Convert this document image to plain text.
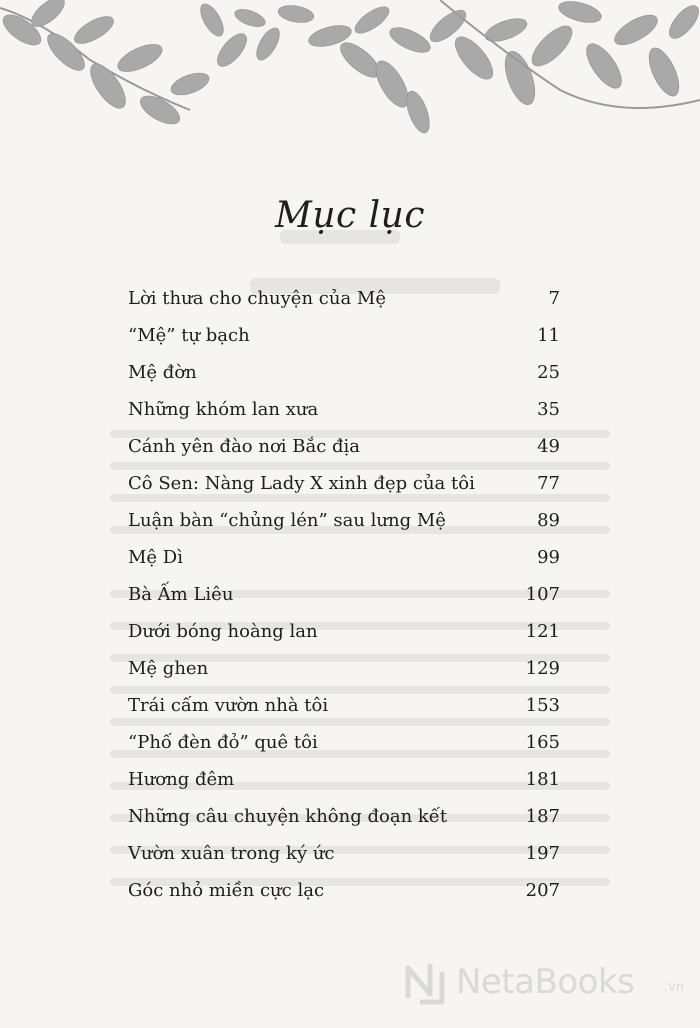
Mục lục
Lời thưa cho chuyện của Mệ	7
“Mệ” tự bạch	11
Mệ đờn	25
Những khóm lan xưa	35
Cánh yên đào nơi Bắc địa	49
Cô Sen: Nàng Lady X xinh đẹp của tôi	77
Luận bàn “chủng lén” sau lưng Mệ	89
Mệ Dì	99
Bà Ấm Liêu	107
Dưới bóng hoàng lan	121
Mệ ghen	129
Trái cấm vườn nhà tôi	153
“Phố đèn đỏ” quê tôi	165
Hương đêm	181
Những câu chuyện không đoạn kết	187
Vườn xuân trong ký ức	197
Góc nhỏ miền cực lạc	207
NetaBooks .vn
